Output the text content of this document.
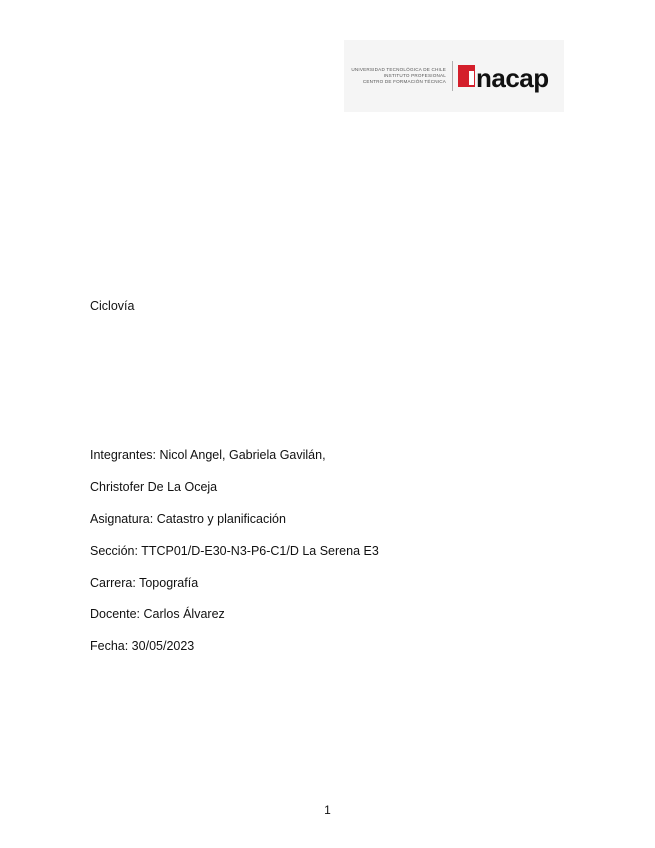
UNIVERSIDAD TECNOLÓGICA DE CHILE
INSTITUTO PROFESIONAL
CENTRO DE FORMACIÓN TÉCNICA nacap
Ciclovía
Integrantes: Nicol Angel, Gabriela Gavilán,
Christofer De La Oceja
Asignatura: Catastro y planificación
Sección: TTCP01/D-E30-N3-P6-C1/D La Serena E3
Carrera: Topografía
Docente: Carlos Álvarez
Fecha: 30/05/2023
1
